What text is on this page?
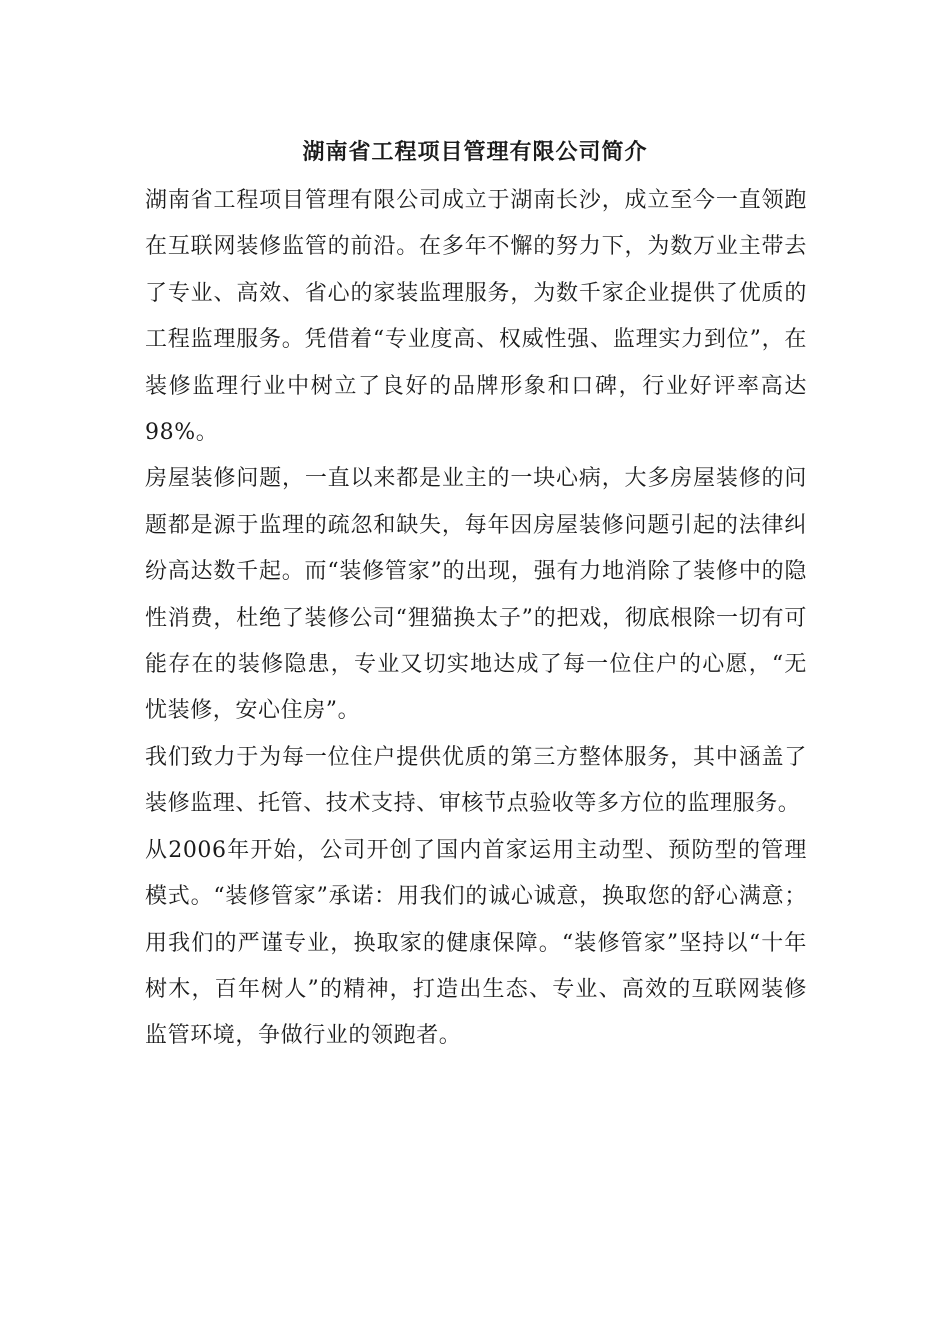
湖南省工程项目管理有限公司简介

湖南省工程项目管理有限公司成立于湖南长沙，成立至今一直领跑在互联网装修监管的前沿。在多年不懈的努力下，为数万业主带去了专业、高效、省心的家装监理服务，为数千家企业提供了优质的工程监理服务。凭借着“专业度高、权威性强、监理实力到位”，在装修监理行业中树立了良好的品牌形象和口碑，行业好评率高达98%。

房屋装修问题，一直以来都是业主的一块心病，大多房屋装修的问题都是源于监理的疏忽和缺失，每年因房屋装修问题引起的法律纠纷高达数千起。而“装修管家”的出现，强有力地消除了装修中的隐性消费，杜绝了装修公司“狸猫换太子”的把戏，彻底根除一切有可能存在的装修隐患，专业又切实地达成了每一位住户的心愿，“无忧装修，安心住房”。

我们致力于为每一位住户提供优质的第三方整体服务，其中涵盖了装修监理、托管、技术支持、审核节点验收等多方位的监理服务。

从2006年开始，公司开创了国内首家运用主动型、预防型的管理模式。“装修管家”承诺：用我们的诚心诚意，换取您的舒心满意；用我们的严谨专业，换取家的健康保障。“装修管家”坚持以“十年树木，百年树人”的精神，打造出生态、专业、高效的互联网装修监管环境，争做行业的领跑者。
